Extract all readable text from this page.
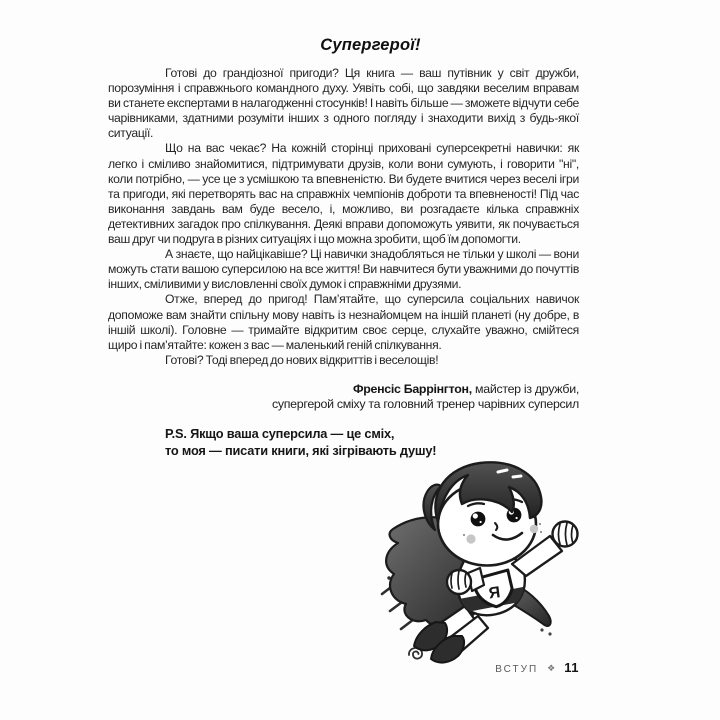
Супергерої!

Готові до грандіозної пригоди? Ця книга — ваш путівник у світ дружби, порозуміння і справжнього командного духу. Уявіть собі, що завдяки веселим вправам ви станете експертами в налагодженні стосунків! І навіть більше — зможете відчути себе чарівниками, здатними розуміти інших з одного погляду і знаходити вихід з будь-якої ситуації.

Що на вас чекає? На кожній сторінці приховані суперсекретні навички: як легко і сміливо знайомитися, підтримувати друзів, коли вони сумують, і говорити "ні", коли потрібно, — усе це з усмішкою та впевненістю. Ви будете вчитися через веселі ігри та пригоди, які перетворять вас на справжніх чемпіонів доброти та впевненості! Під час виконання завдань вам буде весело, і, можливо, ви розгадаєте кілька справжніх детективних загадок про спілкування. Деякі вправи допоможуть уявити, як почувається ваш друг чи подруга в різних ситуаціях і що можна зробити, щоб їм допомогти.

А знаєте, що найцікавіше? Ці навички знадобляться не тільки у школі — вони можуть стати вашою суперсилою на все життя! Ви навчитеся бути уважними до почуттів інших, сміливими у висловленні своїх думок і справжніми друзями.

Отже, вперед до пригод! Пам’ятайте, що суперсила соціальних навичок допоможе вам знайти спільну мову навіть із незнайомцем на іншій планеті (ну добре, в іншій школі). Головне — тримайте відкритим своє серце, слухайте уважно, смійтеся щиро і пам’ятайте: кожен з вас — маленький геній спілкування.

Готові? Тоді вперед до нових відкриттів і веселощів!

Френсіс Баррінгтон, майстер із дружби,
супергерой сміху та головний тренер чарівних суперсил
P.S. Якщо ваша суперсила — це сміх,
то моя — писати книги, які зігрівають душу!
Я
ВСТУП ❖ 11
